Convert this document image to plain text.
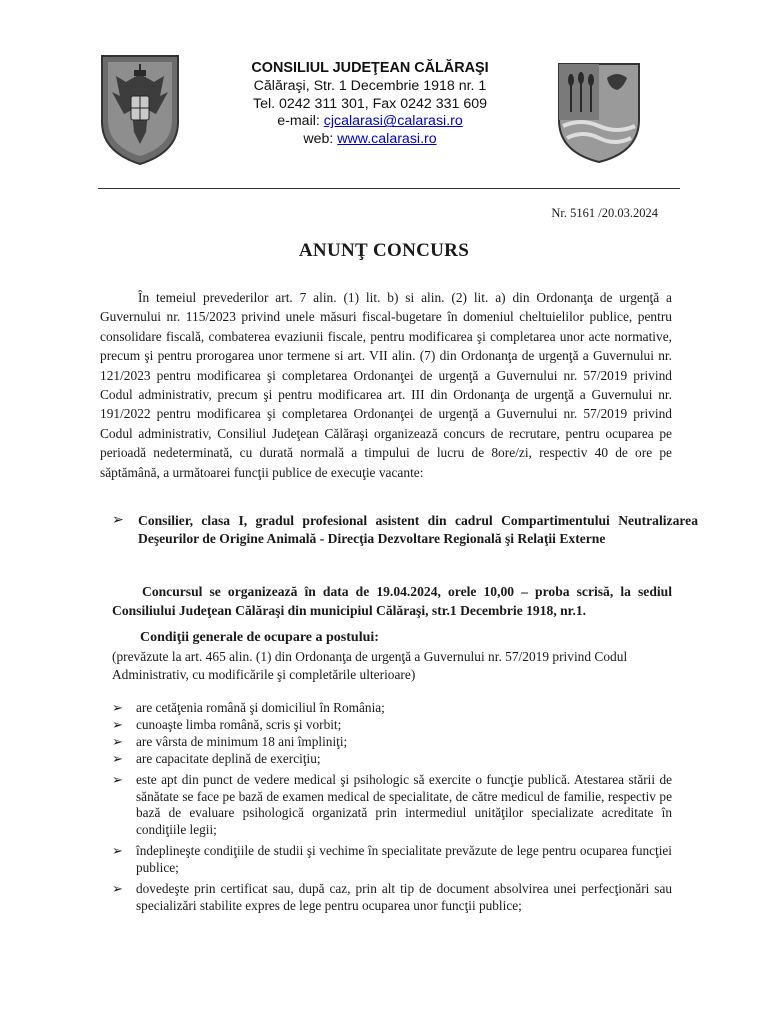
CONSILIUL JUDEŢEAN CĂLĂRAŞI
Călăraşi, Str. 1 Decembrie 1918 nr. 1
Tel. 0242 311 301, Fax 0242 331 609
e-mail: cjcalarasi@calarasi.ro
web: www.calarasi.ro
Nr. 5161 /20.03.2024
ANUNŢ CONCURS
În temeiul prevederilor art. 7 alin. (1) lit. b) si alin. (2) lit. a) din Ordonanţa de urgenţă a Guvernului nr. 115/2023 privind unele măsuri fiscal-bugetare în domeniul cheltuielilor publice, pentru consolidare fiscală, combaterea evaziunii fiscale, pentru modificarea şi completarea unor acte normative, precum şi pentru prorogarea unor termene si art. VII alin. (7) din Ordonanţa de urgenţă a Guvernului nr. 121/2023 pentru modificarea şi completarea Ordonanţei de urgenţă a Guvernului nr. 57/2019 privind Codul administrativ, precum şi pentru modificarea art. III din Ordonanţa de urgenţă a Guvernului nr. 191/2022 pentru modificarea şi completarea Ordonanţei de urgenţă a Guvernului nr. 57/2019 privind Codul administrativ, Consiliul Judeţean Călăraşi organizează concurs de recrutare, pentru ocuparea pe perioadă nedeterminată, cu durată normală a timpului de lucru de 8ore/zi, respectiv 40 de ore pe săptămână, a următoarei funcţii publice de execuţie vacante:
➢ Consilier, clasa I, gradul profesional asistent din cadrul Compartimentului Neutralizarea Deşeurilor de Origine Animală - Direcţia Dezvoltare Regională şi Relaţii Externe
Concursul se organizează în data de 19.04.2024, orele 10,00 – proba scrisă, la sediul Consiliului Judeţean Călăraşi din municipiul Călăraşi, str.1 Decembrie 1918, nr.1.
Condiţii generale de ocupare a postului:
(prevăzute la art. 465 alin. (1) din Ordonanţa de urgenţă a Guvernului nr. 57/2019 privind Codul Administrativ, cu modificările şi completările ulterioare)
➢ are cetăţenia română şi domiciliul în România;
➢ cunoaşte limba română, scris şi vorbit;
➢ are vârsta de minimum 18 ani împliniţi;
➢ are capacitate deplină de exerciţiu;
➢ este apt din punct de vedere medical şi psihologic să exercite o funcţie publică. Atestarea stării de sănătate se face pe bază de examen medical de specialitate, de către medicul de familie, respectiv pe bază de evaluare psihologică organizată prin intermediul unităţilor specializate acreditate în condiţiile legii;
➢ îndeplineşte condiţiile de studii şi vechime în specialitate prevăzute de lege pentru ocuparea funcţiei publice;
➢ dovedeşte prin certificat sau, după caz, prin alt tip de document absolvirea unei perfecţionări sau specializări stabilite expres de lege pentru ocuparea unor funcţii publice;
